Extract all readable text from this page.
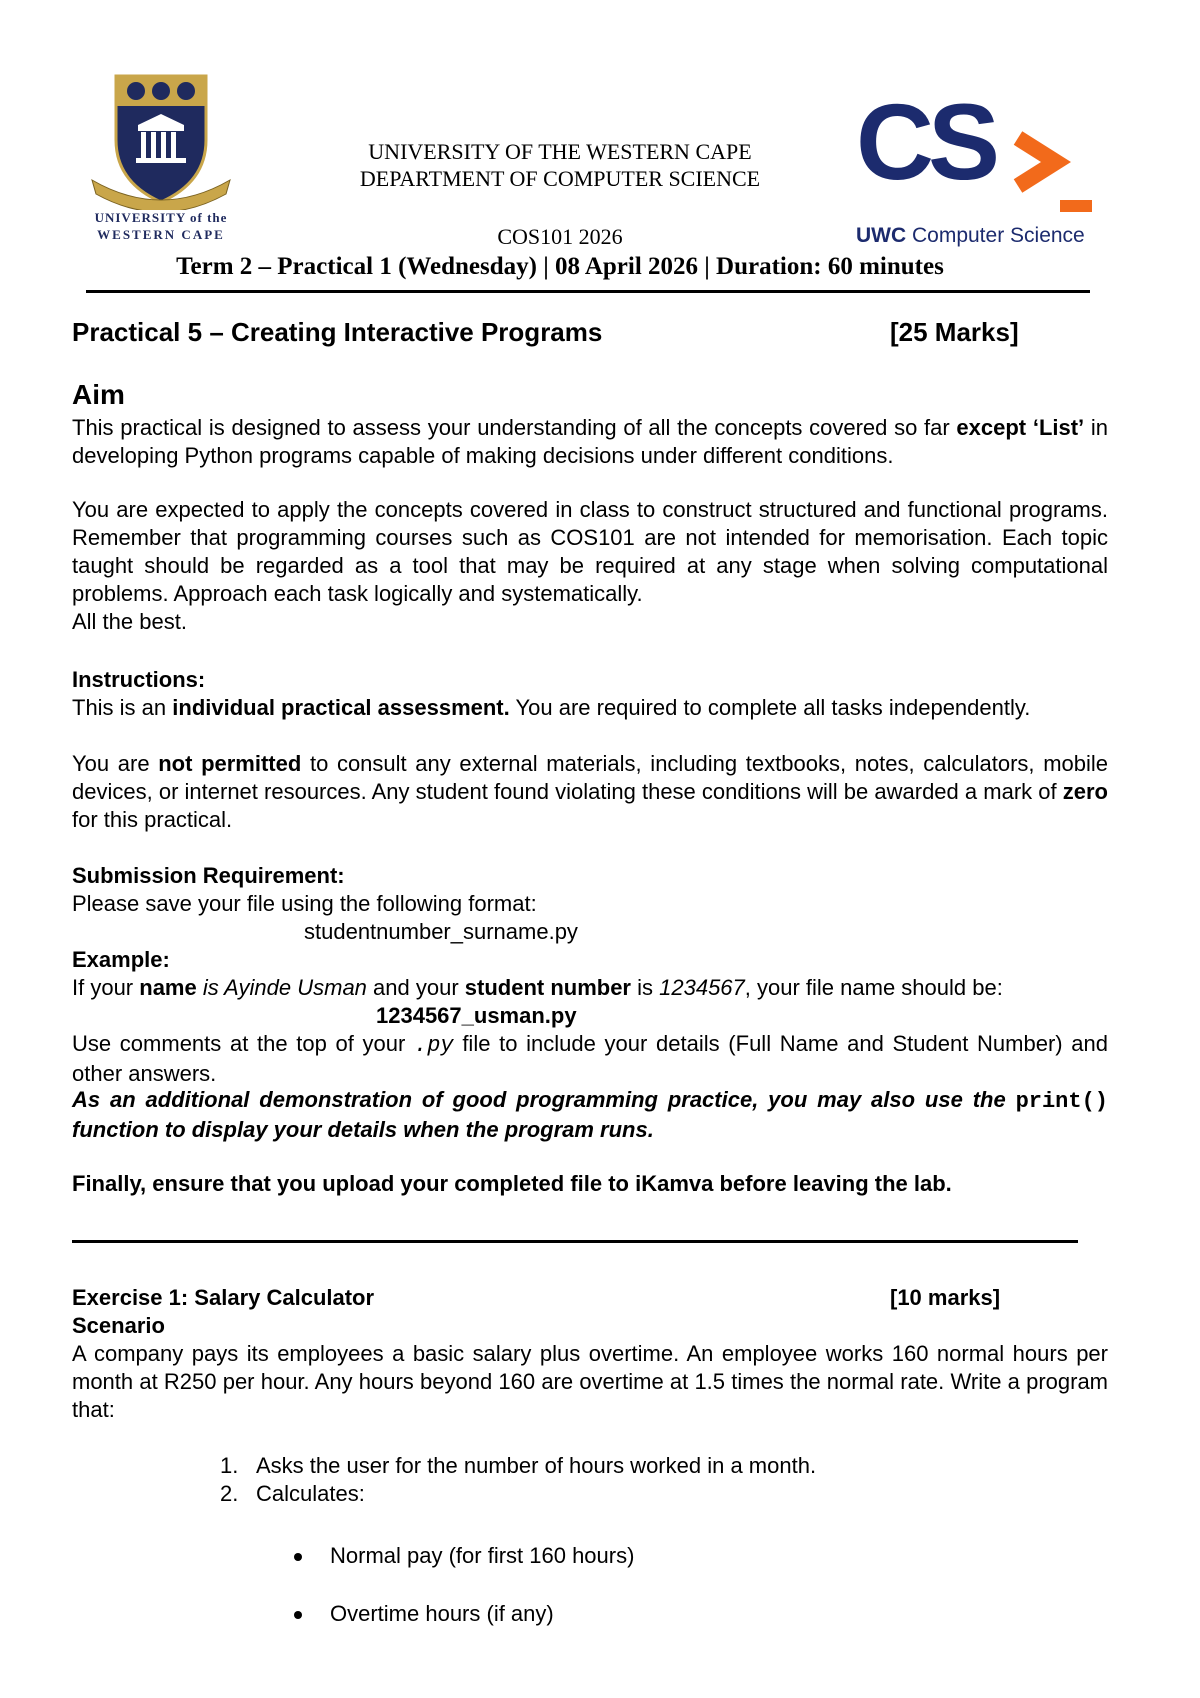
UNIVERSITY of the
WESTERN CAPE
UNIVERSITY OF THE WESTERN CAPE
DEPARTMENT OF COMPUTER SCIENCE
COS101 2026
Term 2 – Practical 1 (Wednesday) | 08 April 2026 | Duration: 60 minutes
CS
UWC Computer Science
Practical 5 – Creating Interactive Programs	[25 Marks]
Aim
This practical is designed to assess your understanding of all the concepts covered so far except ‘List’ in developing Python programs capable of making decisions under different conditions.
You are expected to apply the concepts covered in class to construct structured and functional programs. Remember that programming courses such as COS101 are not intended for memorisation. Each topic taught should be regarded as a tool that may be required at any stage when solving computational problems. Approach each task logically and systematically.
All the best.
Instructions:
This is an individual practical assessment. You are required to complete all tasks independently.
You are not permitted to consult any external materials, including textbooks, notes, calculators, mobile devices, or internet resources. Any student found violating these conditions will be awarded a mark of zero for this practical.
Submission Requirement:
Please save your file using the following format:
studentnumber_surname.py
Example:
If your name is Ayinde Usman and your student number is 1234567, your file name should be:
1234567_usman.py
Use comments at the top of your .py file to include your details (Full Name and Student Number) and other answers.
As an additional demonstration of good programming practice, you may also use the print() function to display your details when the program runs.
Finally, ensure that you upload your completed file to iKamva before leaving the lab.
Exercise 1: Salary Calculator	[10 marks]
Scenario
A company pays its employees a basic salary plus overtime. An employee works 160 normal hours per month at R250 per hour. Any hours beyond 160 are overtime at 1.5 times the normal rate. Write a program that:
1. Asks the user for the number of hours worked in a month.
2. Calculates:
Normal pay (for first 160 hours)
Overtime hours (if any)
